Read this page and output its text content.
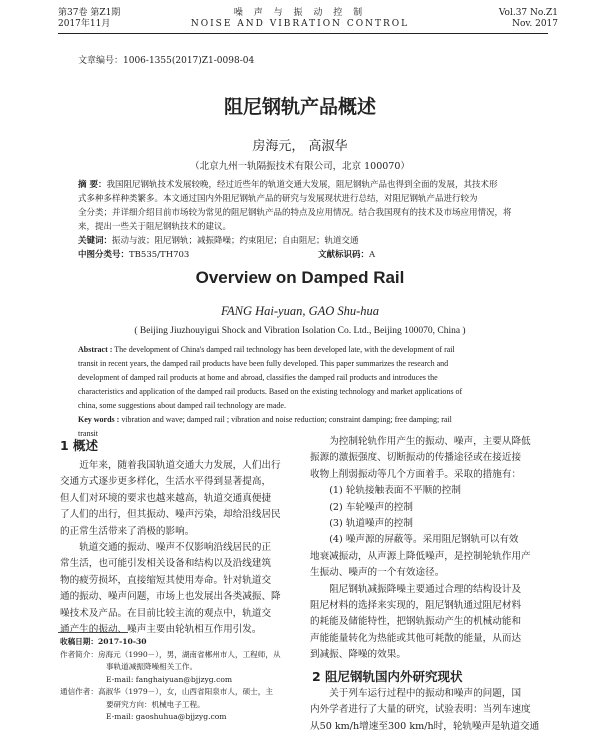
第37卷 第Z1期
2017年11月
噪 声 与 振 动 控 制
NOISE AND VIBRATION CONTROL
Vol.37 No.Z1
Nov. 2017
文章编号：1006-1355(2017)Z1-0098-04
阻尼钢轨产品概述
房海元， 高淑华
（北京九州一轨隔振技术有限公司，北京 100070）
摘 要：我国阻尼钢轨技术发展较晚，经过近些年的轨道交通大发展，阻尼钢轨产品也得到全面的发展，其技术形
式多种多样种类繁多。本文通过国内外阻尼钢轨产品的研究与发展现状进行总结，对阻尼钢轨产品进行较为
全分类；并详细介绍目前市场较为常见的阻尼钢轨产品的特点及应用情况。结合我国现有的技术及市场应用情况，将
来，提出一些关于阻尼钢轨技术的建议。
关键词：振动与波；阻尼钢轨；减振降噪；约束阻尼；自由阻尼；轨道交通
中图分类号：TB535/TH703	文献标识码：A
Overview on Damped Rail
FANG Hai-yuan, GAO Shu-hua
( Beijing Jiuzhouyigui Shock and Vibration Isolation Co. Ltd., Beijing 100070, China )
Abstract : The development of China's damped rail technology has been developed late, with the development of rail
transit in recent years, the damped rail products have been fully developed. This paper summarizes the research and
development of damped rail products at home and abroad, classifies the damped rail products and introduces the
characteristics and application of the damped rail products. Based on the existing technology and market applications of
china, some suggestions about damped rail technology are made.
Key words : vibration and wave; damped rail ; vibration and noise reduction; constraint damping; free damping; rail
transit
1 概述
近年来，随着我国轨道交通大力发展，人们出行
交通方式逐步更多样化，生活水平得到显著提高，
但人们对环境的要求也越来越高，轨道交通真便捷
了人们的出行，但其振动、噪声污染，却给沿线居民
的正常生活带来了消极的影响。
轨道交通的振动、噪声不仅影响沿线居民的正
常生活，也可能引发相关设备和结构以及沿线建筑
物的疲劳损坏，直接缩短其使用寿命。针对轨道交
通的振动、噪声问题，市场上也发展出各类减振、降
噪技术及产品。在目前比较主流的观点中，轨道交
通产生的振动、噪声主要由轮轨相互作用引发。
收稿日期：2017-10-30
作者简介：房海元（1990－），男，湖南省郴州市人，工程师，从
事轨道减振降噪相关工作。
E-mail: fanghaiyuan@bjjzyg.com
通信作者：高淑华（1979－），女，山西省阳泉市人，硕士，主
要研究方向：机械电子工程。
E-mail: gaoshuhua@bjjzyg.com
为控制轮轨作用产生的振动、噪声，主要从降低
振源的激振强度、切断振动的传播途径或在接近接
收物上削弱振动等几个方面着手。采取的措施有：
(1) 轮轨接触表面不平顺的控制
(2) 车轮噪声的控制
(3) 轨道噪声的控制
(4) 噪声源的屏蔽等。采用阻尼钢轨可以有效
地衰减振动，从声源上降低噪声，是控制轮轨作用产
生振动、噪声的一个有效途径。
阻尼钢轨减振降噪主要通过合理的结构设计及
阻尼材料的选择来实现的，阻尼钢轨通过阻尼材料
的耗能及储能特性，把钢轨振动产生的机械动能和
声能能量转化为热能或其他可耗散的能量，从而达
到减振、降噪的效果。
2 阻尼钢轨国内外研究现状
关于列车运行过程中的振动和噪声的问题，国
内外学者进行了大量的研究，试验表明：当列车速度
从50 km/h增速至300 km/h时，轮轨噪声是轨道交通
